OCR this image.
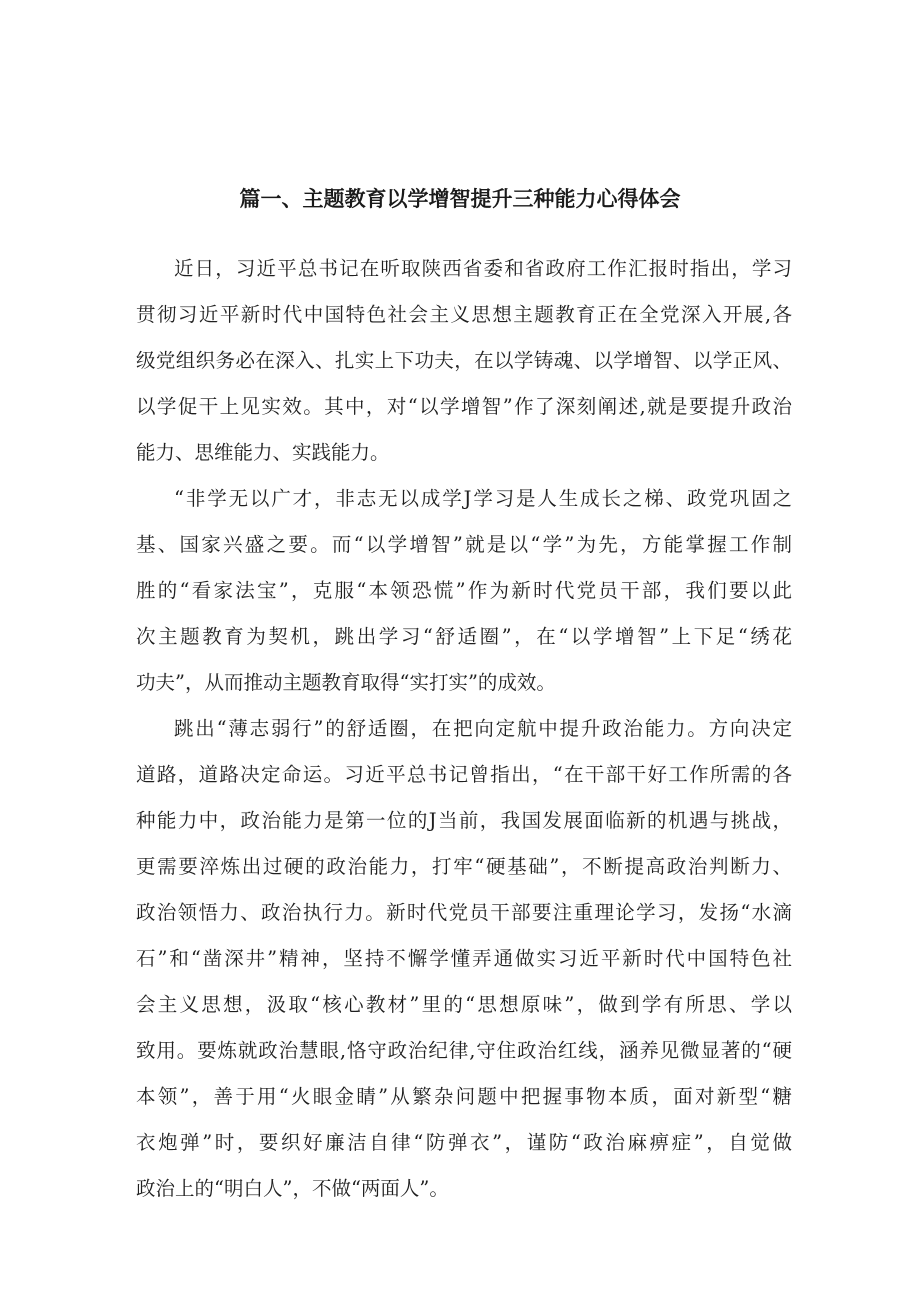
篇一、主题教育以学增智提升三种能力心得体会

近日，习近平总书记在听取陕西省委和省政府工作汇报时指出，学习

贯彻习近平新时代中国特色社会主义思想主题教育正在全党深入开展,各

级党组织务必在深入、扎实上下功夫，在以学铸魂、以学增智、以学正风、

以学促干上见实效。其中，对“以学增智”作了深刻阐述,就是要提升政治

能力、思维能力、实践能力。

“非学无以广才，非志无以成学J学习是人生成长之梯、政党巩固之

基、国家兴盛之要。而“以学增智”就是以“学”为先，方能掌握工作制

胜的“看家法宝”，克服“本领恐慌”作为新时代党员干部，我们要以此

次主题教育为契机，跳出学习“舒适圈”，在“以学增智”上下足“绣花

功夫”，从而推动主题教育取得“实打实”的成效。

跳出“薄志弱行”的舒适圈，在把向定航中提升政治能力。方向决定

道路，道路决定命运。习近平总书记曾指出，“在干部干好工作所需的各

种能力中，政治能力是第一位的J当前，我国发展面临新的机遇与挑战，

更需要淬炼出过硬的政治能力，打牢“硬基础”，不断提高政治判断力、

政治领悟力、政治执行力。新时代党员干部要注重理论学习，发扬“水滴

石”和“凿深井”精神，坚持不懈学懂弄通做实习近平新时代中国特色社

会主义思想，汲取“核心教材”里的“思想原味”，做到学有所思、学以

致用。要炼就政治慧眼,恪守政治纪律,守住政治红线，涵养见微显著的“硬

本领”，善于用“火眼金睛”从繁杂问题中把握事物本质，面对新型“糖

衣炮弹”时，要织好廉洁自律“防弹衣”，谨防“政治麻痹症”，自觉做

政治上的“明白人”，不做“两面人”。
